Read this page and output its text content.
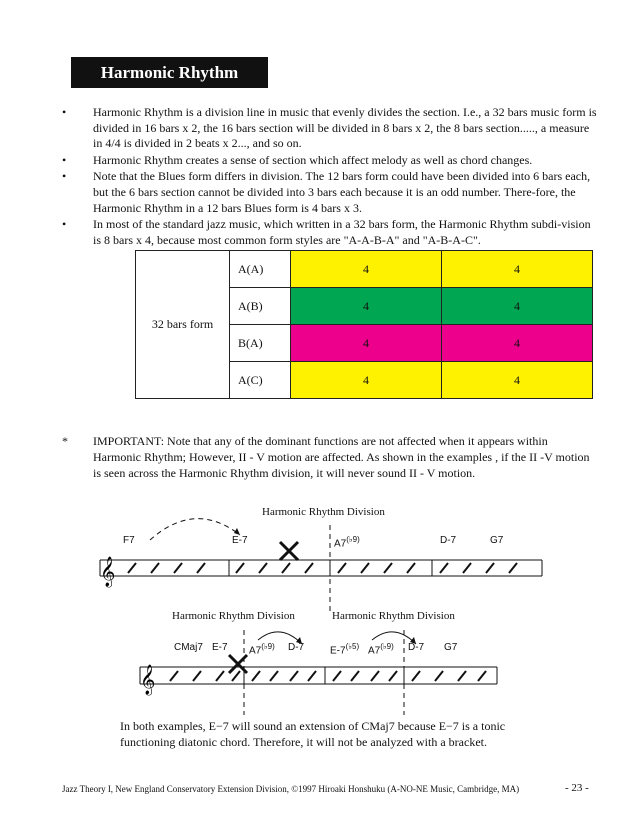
Harmonic Rhythm
• Harmonic Rhythm is a division line in music that evenly divides the section. I.e., a 32 bars music form is divided in 16 bars x 2, the 16 bars section will be divided in 8 bars x 2, the 8 bars section....., a measure in 4/4 is divided in 2 beats x 2..., and so on.
• Harmonic Rhythm creates a sense of section which affect melody as well as chord changes.
• Note that the Blues form differs in division. The 12 bars form could have been divided into 6 bars each, but the 6 bars section cannot be divided into 3 bars each because it is an odd number. There-fore, the Harmonic Rhythm in a 12 bars Blues form is 4 bars x 3.
• In most of the standard jazz music, which written in a 32 bars form, the Harmonic Rhythm subdi-vision is 8 bars x 4, because most common form styles are "A-A-B-A" and "A-B-A-C".
32 bars form	A(A)	4	4
	A(B)	4	4
	B(A)	4	4
	A(C)	4	4
*	IMPORTANT: Note that any of the dominant functions are not affected when it appears within Harmonic Rhythm; However, II - V motion are affected. As shown in the examples , if the II -V motion is seen across the Harmonic Rhythm division, it will never sound II - V motion.
𝄞
𝄞
Harmonic Rhythm Division
F7	E-7	$A7^{(♭9)}$	D-7	G7
Harmonic Rhythm Division	Harmonic Rhythm Division
CMaj7 E-7 $A7^{(♭9)}$ D-7	$E-7^{(♭5)}$ $A7^{(♭9)}$ D-7 G7
In both examples, E−7 will sound an extension of CMaj7 because E−7 is a tonic functioning diatonic chord. Therefore, it will not be analyzed with a bracket.
Jazz Theory I, New England Conservatory Extension Division, ©1997 Hiroaki Honshuku (A-NO-NE Music, Cambridge, MA)	- 23 -
